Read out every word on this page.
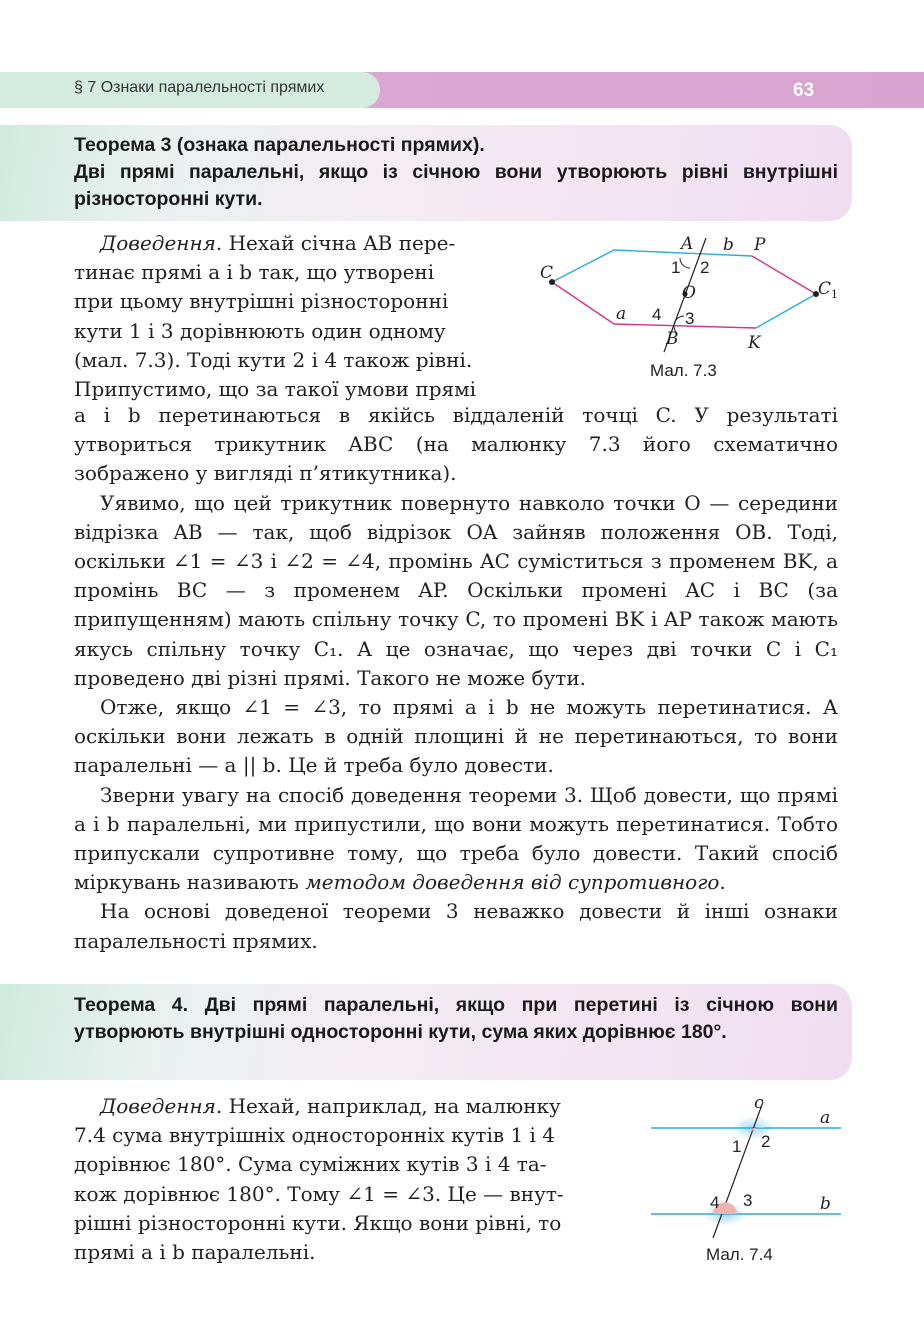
§ 7 Ознаки паралельності прямих	63
Теорема 3 (ознака паралельності прямих).
Дві прямі паралельні, якщо із січною вони утворюють рівні внутрішні різносторонні кути.
Доведення. Нехай січна AB пере-
тинає прямі a і b так, що утворені
при цьому внутрішні різносторонні
кути 1 і 3 дорівнюють один одному
(мал. 7.3). Тоді кути 2 і 4 також рівні.
Припустимо, що за такої умови прямі
A b P
C
O	$C_1$
a
B	K
1 2
4 3
Мал. 7.3

a і b перетинаються в якійсь віддаленій точці C. У результаті утвориться трикутник ABC (на малюнку 7.3 його схематично зображено у вигляді п’ятикутника).

Уявимо, що цей трикутник повернуто навколо точки O — середини відрізка AB — так, щоб відрізок OA зайняв положення OB. Тоді, оскільки ∠1 = ∠3 і ∠2 = ∠4, промінь AC суміститься з променем BK, а промінь BC — з променем AP. Оскільки промені AC і BC (за припущенням) мають спільну точку C, то промені BK і AP також мають якусь спільну точку C₁. А це означає, що через дві точки C і C₁ проведено дві різні прямі. Такого не може бути.

Отже, якщо ∠1 = ∠3, то прямі a і b не можуть перетинатися. А оскільки вони лежать в одній площині й не перетинаються, то вони паралельні — a || b. Це й треба було довести.

Зверни увагу на спосіб доведення теореми 3. Щоб довести, що прямі a і b паралельні, ми припустили, що вони можуть перетинатися. Тобто припускали супротивне тому, що треба було довести. Такий спосіб міркувань називають методом доведення від супротивного.

На основі доведеної теореми 3 неважко довести й інші ознаки паралельності прямих.

Теорема 4. Дві прямі паралельні, якщо при перетині із січною вони утворюють внутрішні односторонні кути, сума яких дорівнює 180°.
Доведення. Нехай, наприклад, на малюнку
7.4 сума внутрішніх односторонніх кутів 1 і 4
дорівнює 180°. Сума суміжних кутів 3 і 4 та-
кож дорівнює 180°. Тому ∠1 = ∠3. Це — внут-
рішні різносторонні кути. Якщо вони рівні, то
прямі a і b паралельні.
c
a
b
1 2
4 3
Мал. 7.4
